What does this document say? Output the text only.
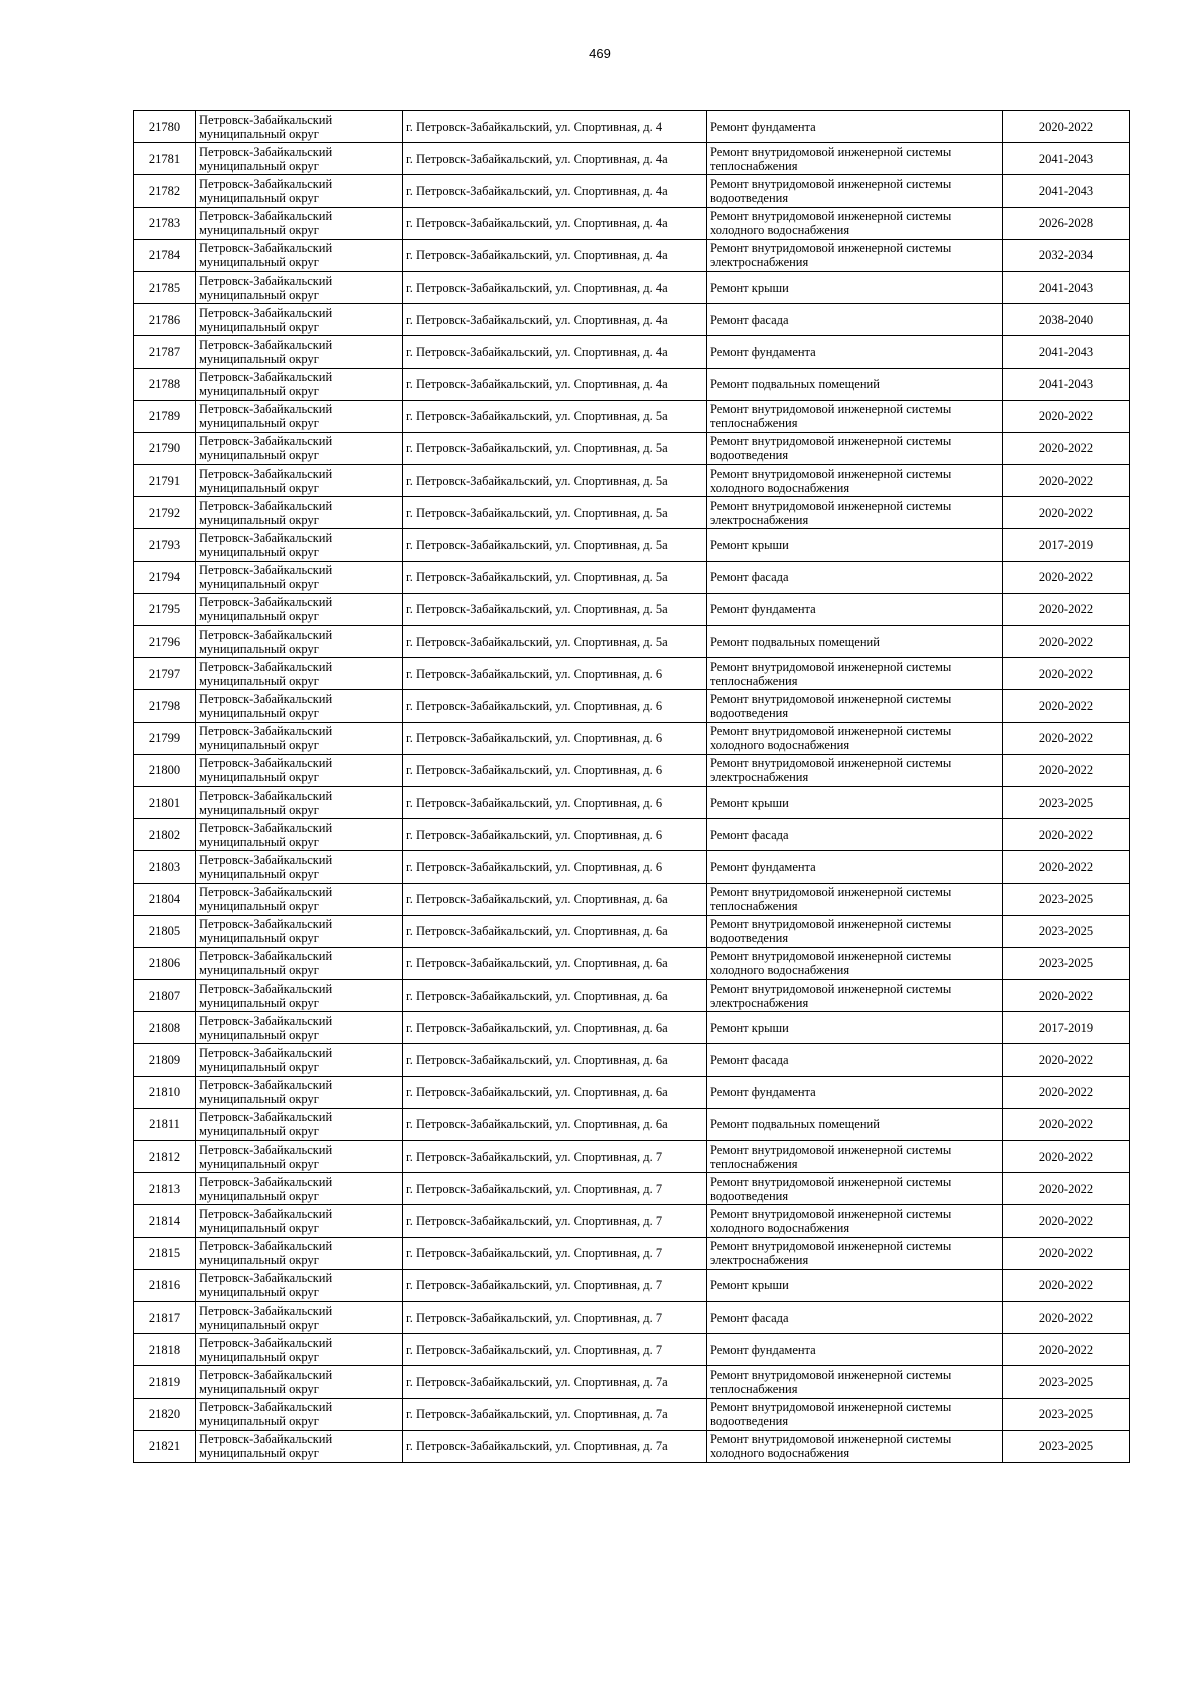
469
21780	Петровск-Забайкальский муниципальный округ	г. Петровск-Забайкальский, ул. Спортивная, д. 4	Ремонт фундамента	2020-2022
21781	Петровск-Забайкальский муниципальный округ	г. Петровск-Забайкальский, ул. Спортивная, д. 4а	Ремонт внутридомовой инженерной системы теплоснабжения	2041-2043
21782	Петровск-Забайкальский муниципальный округ	г. Петровск-Забайкальский, ул. Спортивная, д. 4а	Ремонт внутридомовой инженерной системы водоотведения	2041-2043
21783	Петровск-Забайкальский муниципальный округ	г. Петровск-Забайкальский, ул. Спортивная, д. 4а	Ремонт внутридомовой инженерной системы холодного водоснабжения	2026-2028
21784	Петровск-Забайкальский муниципальный округ	г. Петровск-Забайкальский, ул. Спортивная, д. 4а	Ремонт внутридомовой инженерной системы электроснабжения	2032-2034
21785	Петровск-Забайкальский муниципальный округ	г. Петровск-Забайкальский, ул. Спортивная, д. 4а	Ремонт крыши	2041-2043
21786	Петровск-Забайкальский муниципальный округ	г. Петровск-Забайкальский, ул. Спортивная, д. 4а	Ремонт фасада	2038-2040
21787	Петровск-Забайкальский муниципальный округ	г. Петровск-Забайкальский, ул. Спортивная, д. 4а	Ремонт фундамента	2041-2043
21788	Петровск-Забайкальский муниципальный округ	г. Петровск-Забайкальский, ул. Спортивная, д. 4а	Ремонт подвальных помещений	2041-2043
21789	Петровск-Забайкальский муниципальный округ	г. Петровск-Забайкальский, ул. Спортивная, д. 5а	Ремонт внутридомовой инженерной системы теплоснабжения	2020-2022
21790	Петровск-Забайкальский муниципальный округ	г. Петровск-Забайкальский, ул. Спортивная, д. 5а	Ремонт внутридомовой инженерной системы водоотведения	2020-2022
21791	Петровск-Забайкальский муниципальный округ	г. Петровск-Забайкальский, ул. Спортивная, д. 5а	Ремонт внутридомовой инженерной системы холодного водоснабжения	2020-2022
21792	Петровск-Забайкальский муниципальный округ	г. Петровск-Забайкальский, ул. Спортивная, д. 5а	Ремонт внутридомовой инженерной системы электроснабжения	2020-2022
21793	Петровск-Забайкальский муниципальный округ	г. Петровск-Забайкальский, ул. Спортивная, д. 5а	Ремонт крыши	2017-2019
21794	Петровск-Забайкальский муниципальный округ	г. Петровск-Забайкальский, ул. Спортивная, д. 5а	Ремонт фасада	2020-2022
21795	Петровск-Забайкальский муниципальный округ	г. Петровск-Забайкальский, ул. Спортивная, д. 5а	Ремонт фундамента	2020-2022
21796	Петровск-Забайкальский муниципальный округ	г. Петровск-Забайкальский, ул. Спортивная, д. 5а	Ремонт подвальных помещений	2020-2022
21797	Петровск-Забайкальский муниципальный округ	г. Петровск-Забайкальский, ул. Спортивная, д. 6	Ремонт внутридомовой инженерной системы теплоснабжения	2020-2022
21798	Петровск-Забайкальский муниципальный округ	г. Петровск-Забайкальский, ул. Спортивная, д. 6	Ремонт внутридомовой инженерной системы водоотведения	2020-2022
21799	Петровск-Забайкальский муниципальный округ	г. Петровск-Забайкальский, ул. Спортивная, д. 6	Ремонт внутридомовой инженерной системы холодного водоснабжения	2020-2022
21800	Петровск-Забайкальский муниципальный округ	г. Петровск-Забайкальский, ул. Спортивная, д. 6	Ремонт внутридомовой инженерной системы электроснабжения	2020-2022
21801	Петровск-Забайкальский муниципальный округ	г. Петровск-Забайкальский, ул. Спортивная, д. 6	Ремонт крыши	2023-2025
21802	Петровск-Забайкальский муниципальный округ	г. Петровск-Забайкальский, ул. Спортивная, д. 6	Ремонт фасада	2020-2022
21803	Петровск-Забайкальский муниципальный округ	г. Петровск-Забайкальский, ул. Спортивная, д. 6	Ремонт фундамента	2020-2022
21804	Петровск-Забайкальский муниципальный округ	г. Петровск-Забайкальский, ул. Спортивная, д. 6а	Ремонт внутридомовой инженерной системы теплоснабжения	2023-2025
21805	Петровск-Забайкальский муниципальный округ	г. Петровск-Забайкальский, ул. Спортивная, д. 6а	Ремонт внутридомовой инженерной системы водоотведения	2023-2025
21806	Петровск-Забайкальский муниципальный округ	г. Петровск-Забайкальский, ул. Спортивная, д. 6а	Ремонт внутридомовой инженерной системы холодного водоснабжения	2023-2025
21807	Петровск-Забайкальский муниципальный округ	г. Петровск-Забайкальский, ул. Спортивная, д. 6а	Ремонт внутридомовой инженерной системы электроснабжения	2020-2022
21808	Петровск-Забайкальский муниципальный округ	г. Петровск-Забайкальский, ул. Спортивная, д. 6а	Ремонт крыши	2017-2019
21809	Петровск-Забайкальский муниципальный округ	г. Петровск-Забайкальский, ул. Спортивная, д. 6а	Ремонт фасада	2020-2022
21810	Петровск-Забайкальский муниципальный округ	г. Петровск-Забайкальский, ул. Спортивная, д. 6а	Ремонт фундамента	2020-2022
21811	Петровск-Забайкальский муниципальный округ	г. Петровск-Забайкальский, ул. Спортивная, д. 6а	Ремонт подвальных помещений	2020-2022
21812	Петровск-Забайкальский муниципальный округ	г. Петровск-Забайкальский, ул. Спортивная, д. 7	Ремонт внутридомовой инженерной системы теплоснабжения	2020-2022
21813	Петровск-Забайкальский муниципальный округ	г. Петровск-Забайкальский, ул. Спортивная, д. 7	Ремонт внутридомовой инженерной системы водоотведения	2020-2022
21814	Петровск-Забайкальский муниципальный округ	г. Петровск-Забайкальский, ул. Спортивная, д. 7	Ремонт внутридомовой инженерной системы холодного водоснабжения	2020-2022
21815	Петровск-Забайкальский муниципальный округ	г. Петровск-Забайкальский, ул. Спортивная, д. 7	Ремонт внутридомовой инженерной системы электроснабжения	2020-2022
21816	Петровск-Забайкальский муниципальный округ	г. Петровск-Забайкальский, ул. Спортивная, д. 7	Ремонт крыши	2020-2022
21817	Петровск-Забайкальский муниципальный округ	г. Петровск-Забайкальский, ул. Спортивная, д. 7	Ремонт фасада	2020-2022
21818	Петровск-Забайкальский муниципальный округ	г. Петровск-Забайкальский, ул. Спортивная, д. 7	Ремонт фундамента	2020-2022
21819	Петровск-Забайкальский муниципальный округ	г. Петровск-Забайкальский, ул. Спортивная, д. 7а	Ремонт внутридомовой инженерной системы теплоснабжения	2023-2025
21820	Петровск-Забайкальский муниципальный округ	г. Петровск-Забайкальский, ул. Спортивная, д. 7а	Ремонт внутридомовой инженерной системы водоотведения	2023-2025
21821	Петровск-Забайкальский муниципальный округ	г. Петровск-Забайкальский, ул. Спортивная, д. 7а	Ремонт внутридомовой инженерной системы холодного водоснабжения	2023-2025
